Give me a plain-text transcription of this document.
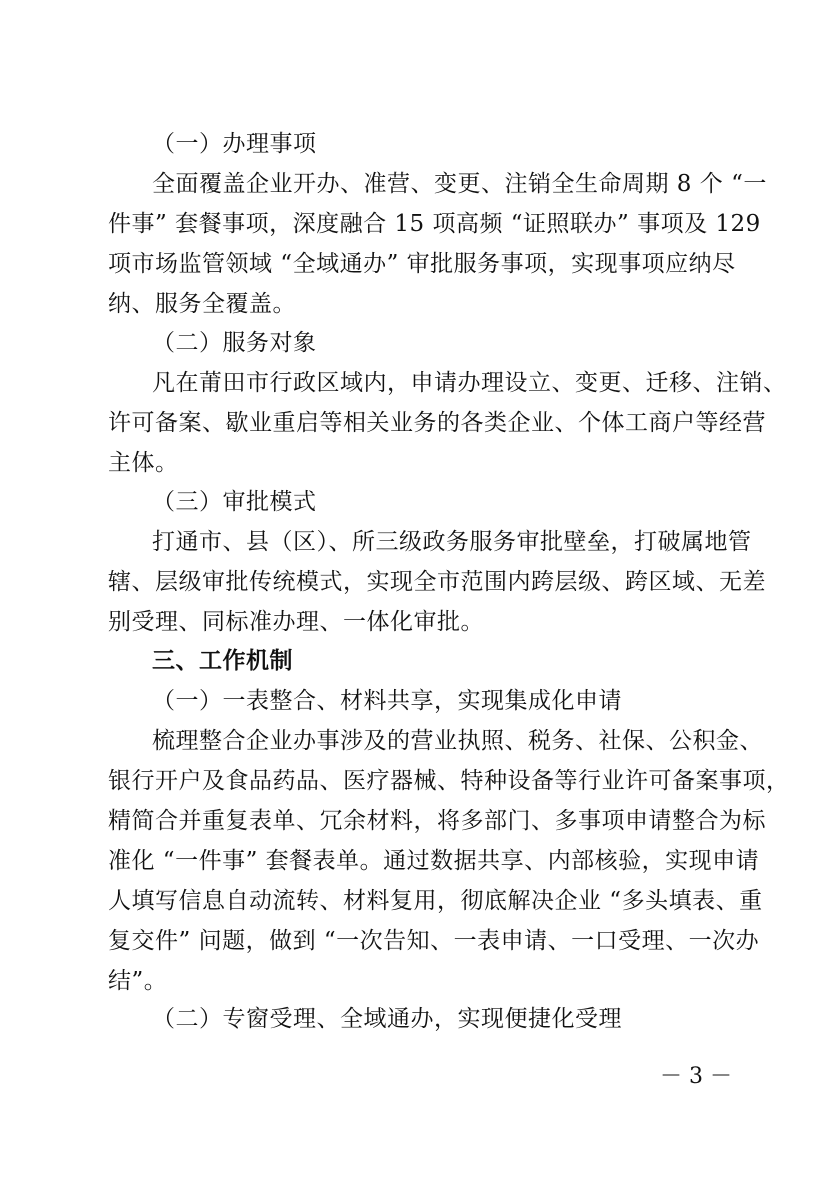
（一）办理事项
全面覆盖企业开办、准营、变更、注销全生命周期 8 个 “一
件事” 套餐事项，深度融合 15 项高频 “证照联办” 事项及 129
项市场监管领域 “全域通办” 审批服务事项，实现事项应纳尽
纳、服务全覆盖。
（二）服务对象
凡在莆田市行政区域内，申请办理设立、变更、迁移、注销、
许可备案、歇业重启等相关业务的各类企业、个体工商户等经营
主体。
（三）审批模式
打通市、县（区）、所三级政务服务审批壁垒，打破属地管
辖、层级审批传统模式，实现全市范围内跨层级、跨区域、无差
别受理、同标准办理、一体化审批。
三、工作机制
（一）一表整合、材料共享，实现集成化申请
梳理整合企业办事涉及的营业执照、税务、社保、公积金、
银行开户及食品药品、医疗器械、特种设备等行业许可备案事项，
精简合并重复表单、冗余材料，将多部门、多事项申请整合为标
准化 “一件事” 套餐表单。通过数据共享、内部核验，实现申请
人填写信息自动流转、材料复用，彻底解决企业 “多头填表、重
复交件” 问题，做到 “一次告知、一表申请、一口受理、一次办
结”。
（二）专窗受理、全域通办，实现便捷化受理
－ 3 －
